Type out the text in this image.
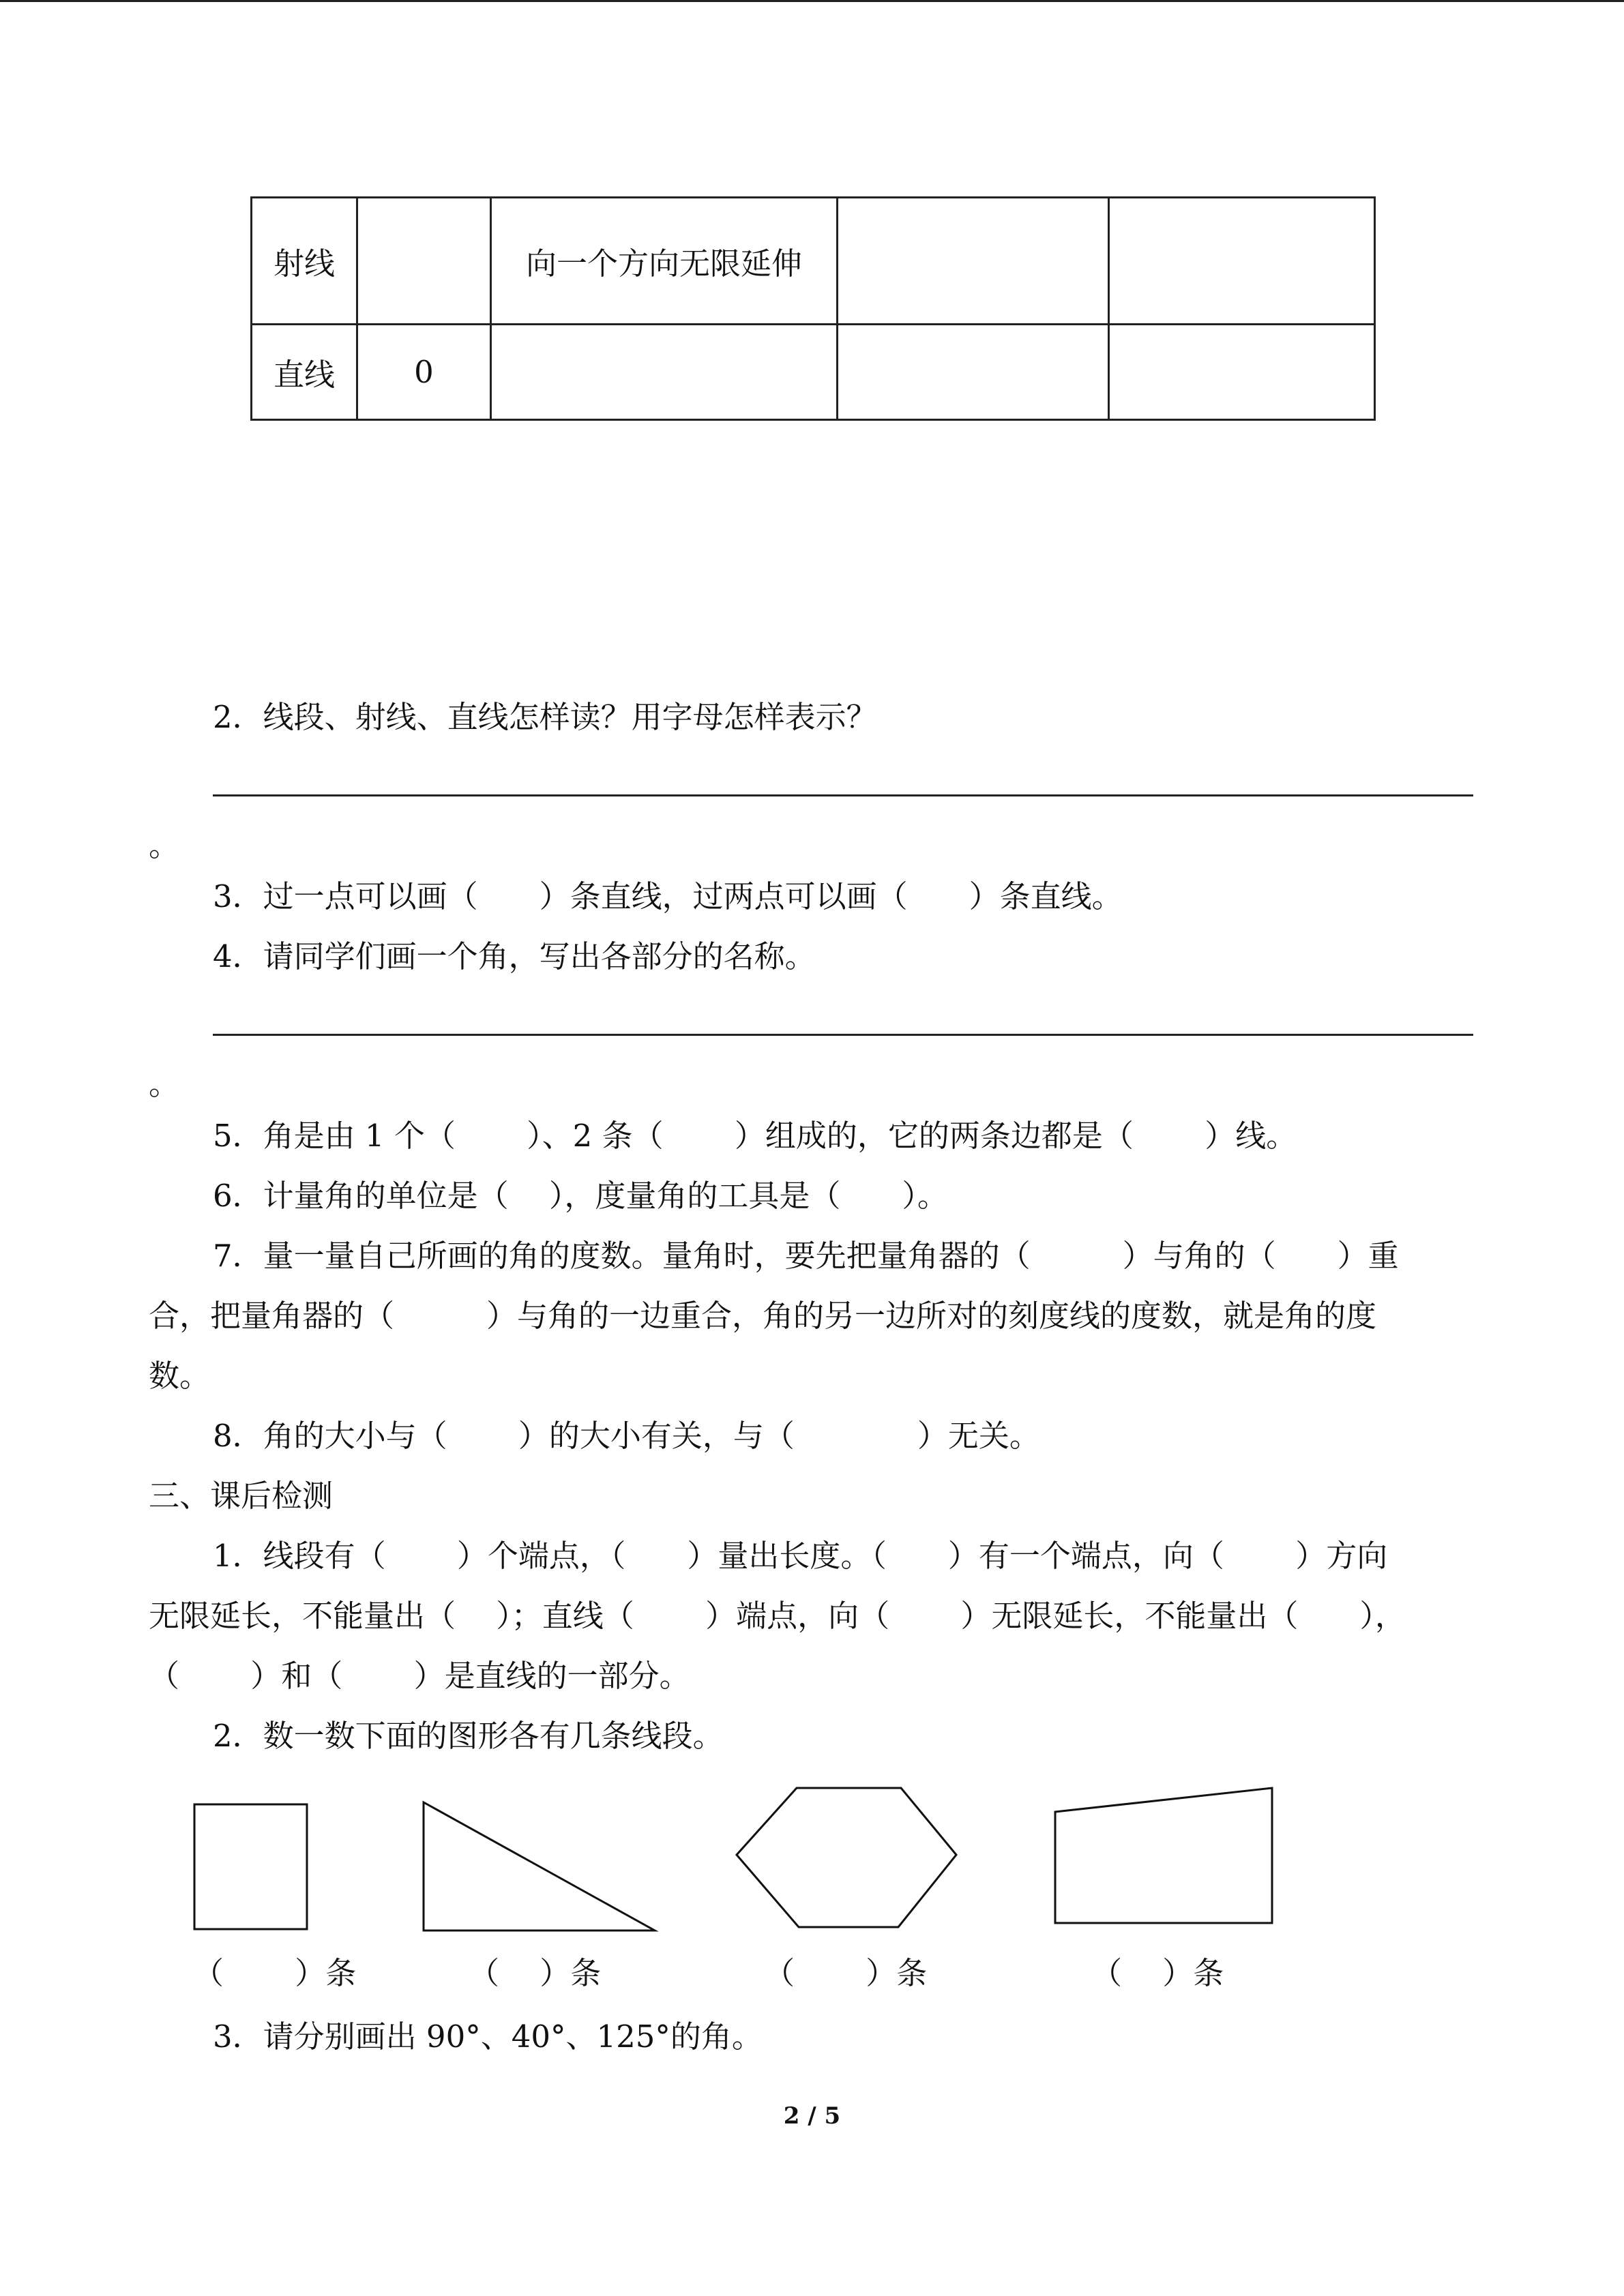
射线		向一个方向无限延伸		
直线	0			
2．线段、射线、直线怎样读？用字母怎样表示？
。
3．过一点可以画（　　）条直线，过两点可以画（　　）条直线。
4．请同学们画一个角，写出各部分的名称。
。
5．角是由 1 个（　　 ）、2 条（　　 ）组成的，它的两条边都是（　　 ）线。
6．计量角的单位是（　 ），度量角的工具是（　　）。
7．量一量自己所画的角的度数。量角时，要先把量角器的（　　　）与角的（　　）重
合，把量角器的（　　　）与角的一边重合，角的另一边所对的刻度线的度数，就是角的度
数。
8．角的大小与（　　 ）的大小有关，与（　　　　）无关。
三、课后检测
1．线段有（　　 ）个端点，（　　）量出长度。（　　）有一个端点，向（　　 ）方向
无限延长，不能量出（　 ）；直线（　　 ）端点，向（　　 ）无限延长，不能量出（　　），
（　　 ）和（　　 ）是直线的一部分。
2．数一数下面的图形各有几条线段。
（　　 ）条	（　 ）条	（　　 ）条	（　 ）条
3．请分别画出 90°、40°、125°的角。
2 / 5
